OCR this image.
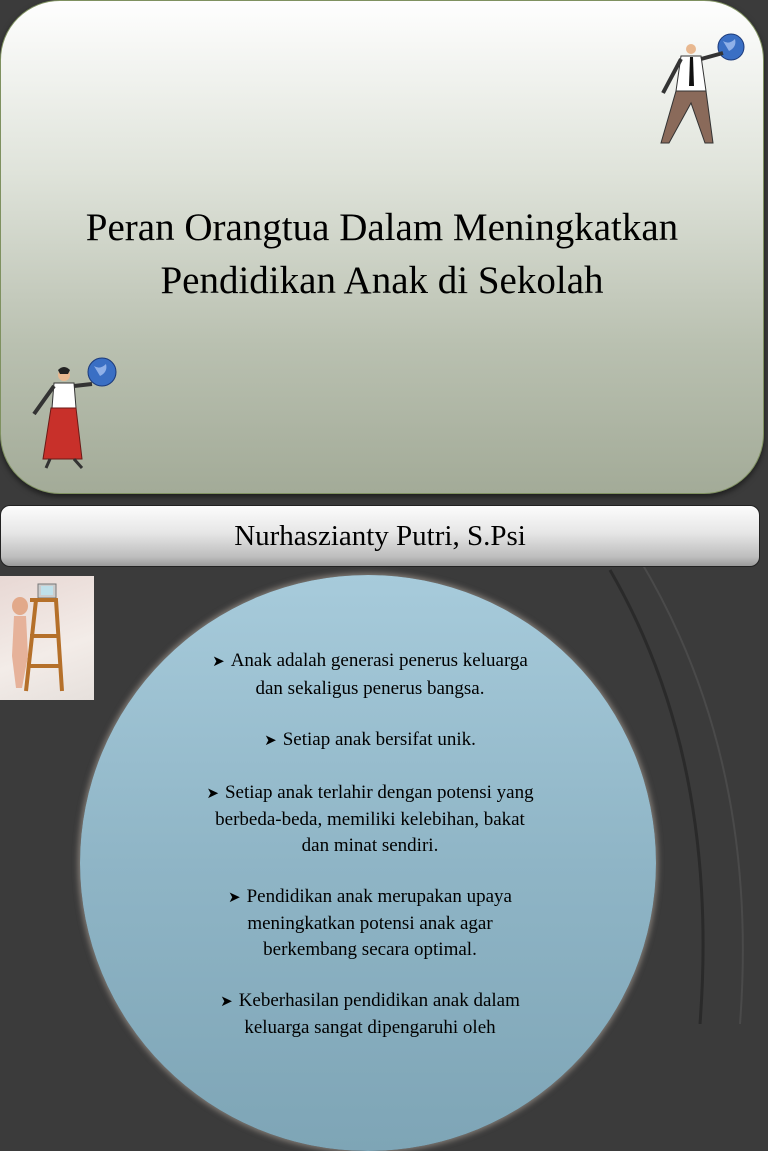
Peran Orangtua Dalam Meningkatkan
Pendidikan Anak di Sekolah
Nurhaszianty Putri, S.Psi
➤ Anak adalah generasi penerus keluarga
dan sekaligus penerus bangsa.
➤ Setiap anak bersifat unik.
➤ Setiap anak terlahir dengan potensi yang
berbeda-beda, memiliki kelebihan, bakat
dan minat sendiri.
➤ Pendidikan anak merupakan upaya
meningkatkan potensi anak agar
berkembang secara optimal.
➤ Keberhasilan pendidikan anak dalam
keluarga sangat dipengaruhi oleh
